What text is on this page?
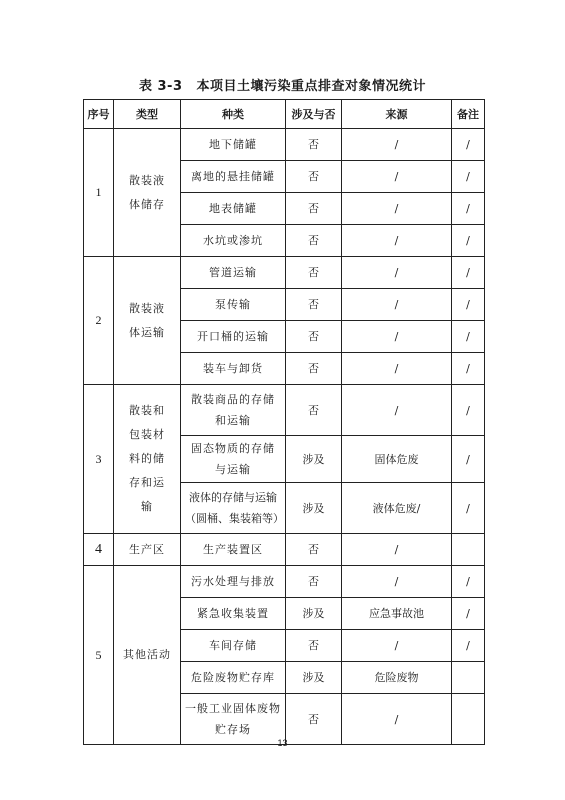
表 3-3 本项目土壤污染重点排查对象情况统计
序号	类型	种类	涉及与否	来源	备注
1	散装液体储存	地下储罐	否	/	/
		离地的悬挂储罐	否	/	/
		地表储罐	否	/	/
		水坑或渗坑	否	/	/
2	散装液体运输	管道运输	否	/	/
		泵传输	否	/	/
		开口桶的运输	否	/	/
		装车与卸货	否	/	/
3	散装和包装材料的储存和运输	散装商品的存储和运输	否	/	/
		固态物质的存储与运输	涉及	固体危废	/
		液体的存储与运输（圆桶、集装箱等）	涉及	液体危废/	/
4	生产区	生产装置区	否	/	
5	其他活动	污水处理与排放	否	/	/
		紧急收集装置	涉及	应急事故池	/
		车间存储	否	/	/
		危险废物贮存库	涉及	危险废物	
		一般工业固体废物贮存场	否	/	
13
